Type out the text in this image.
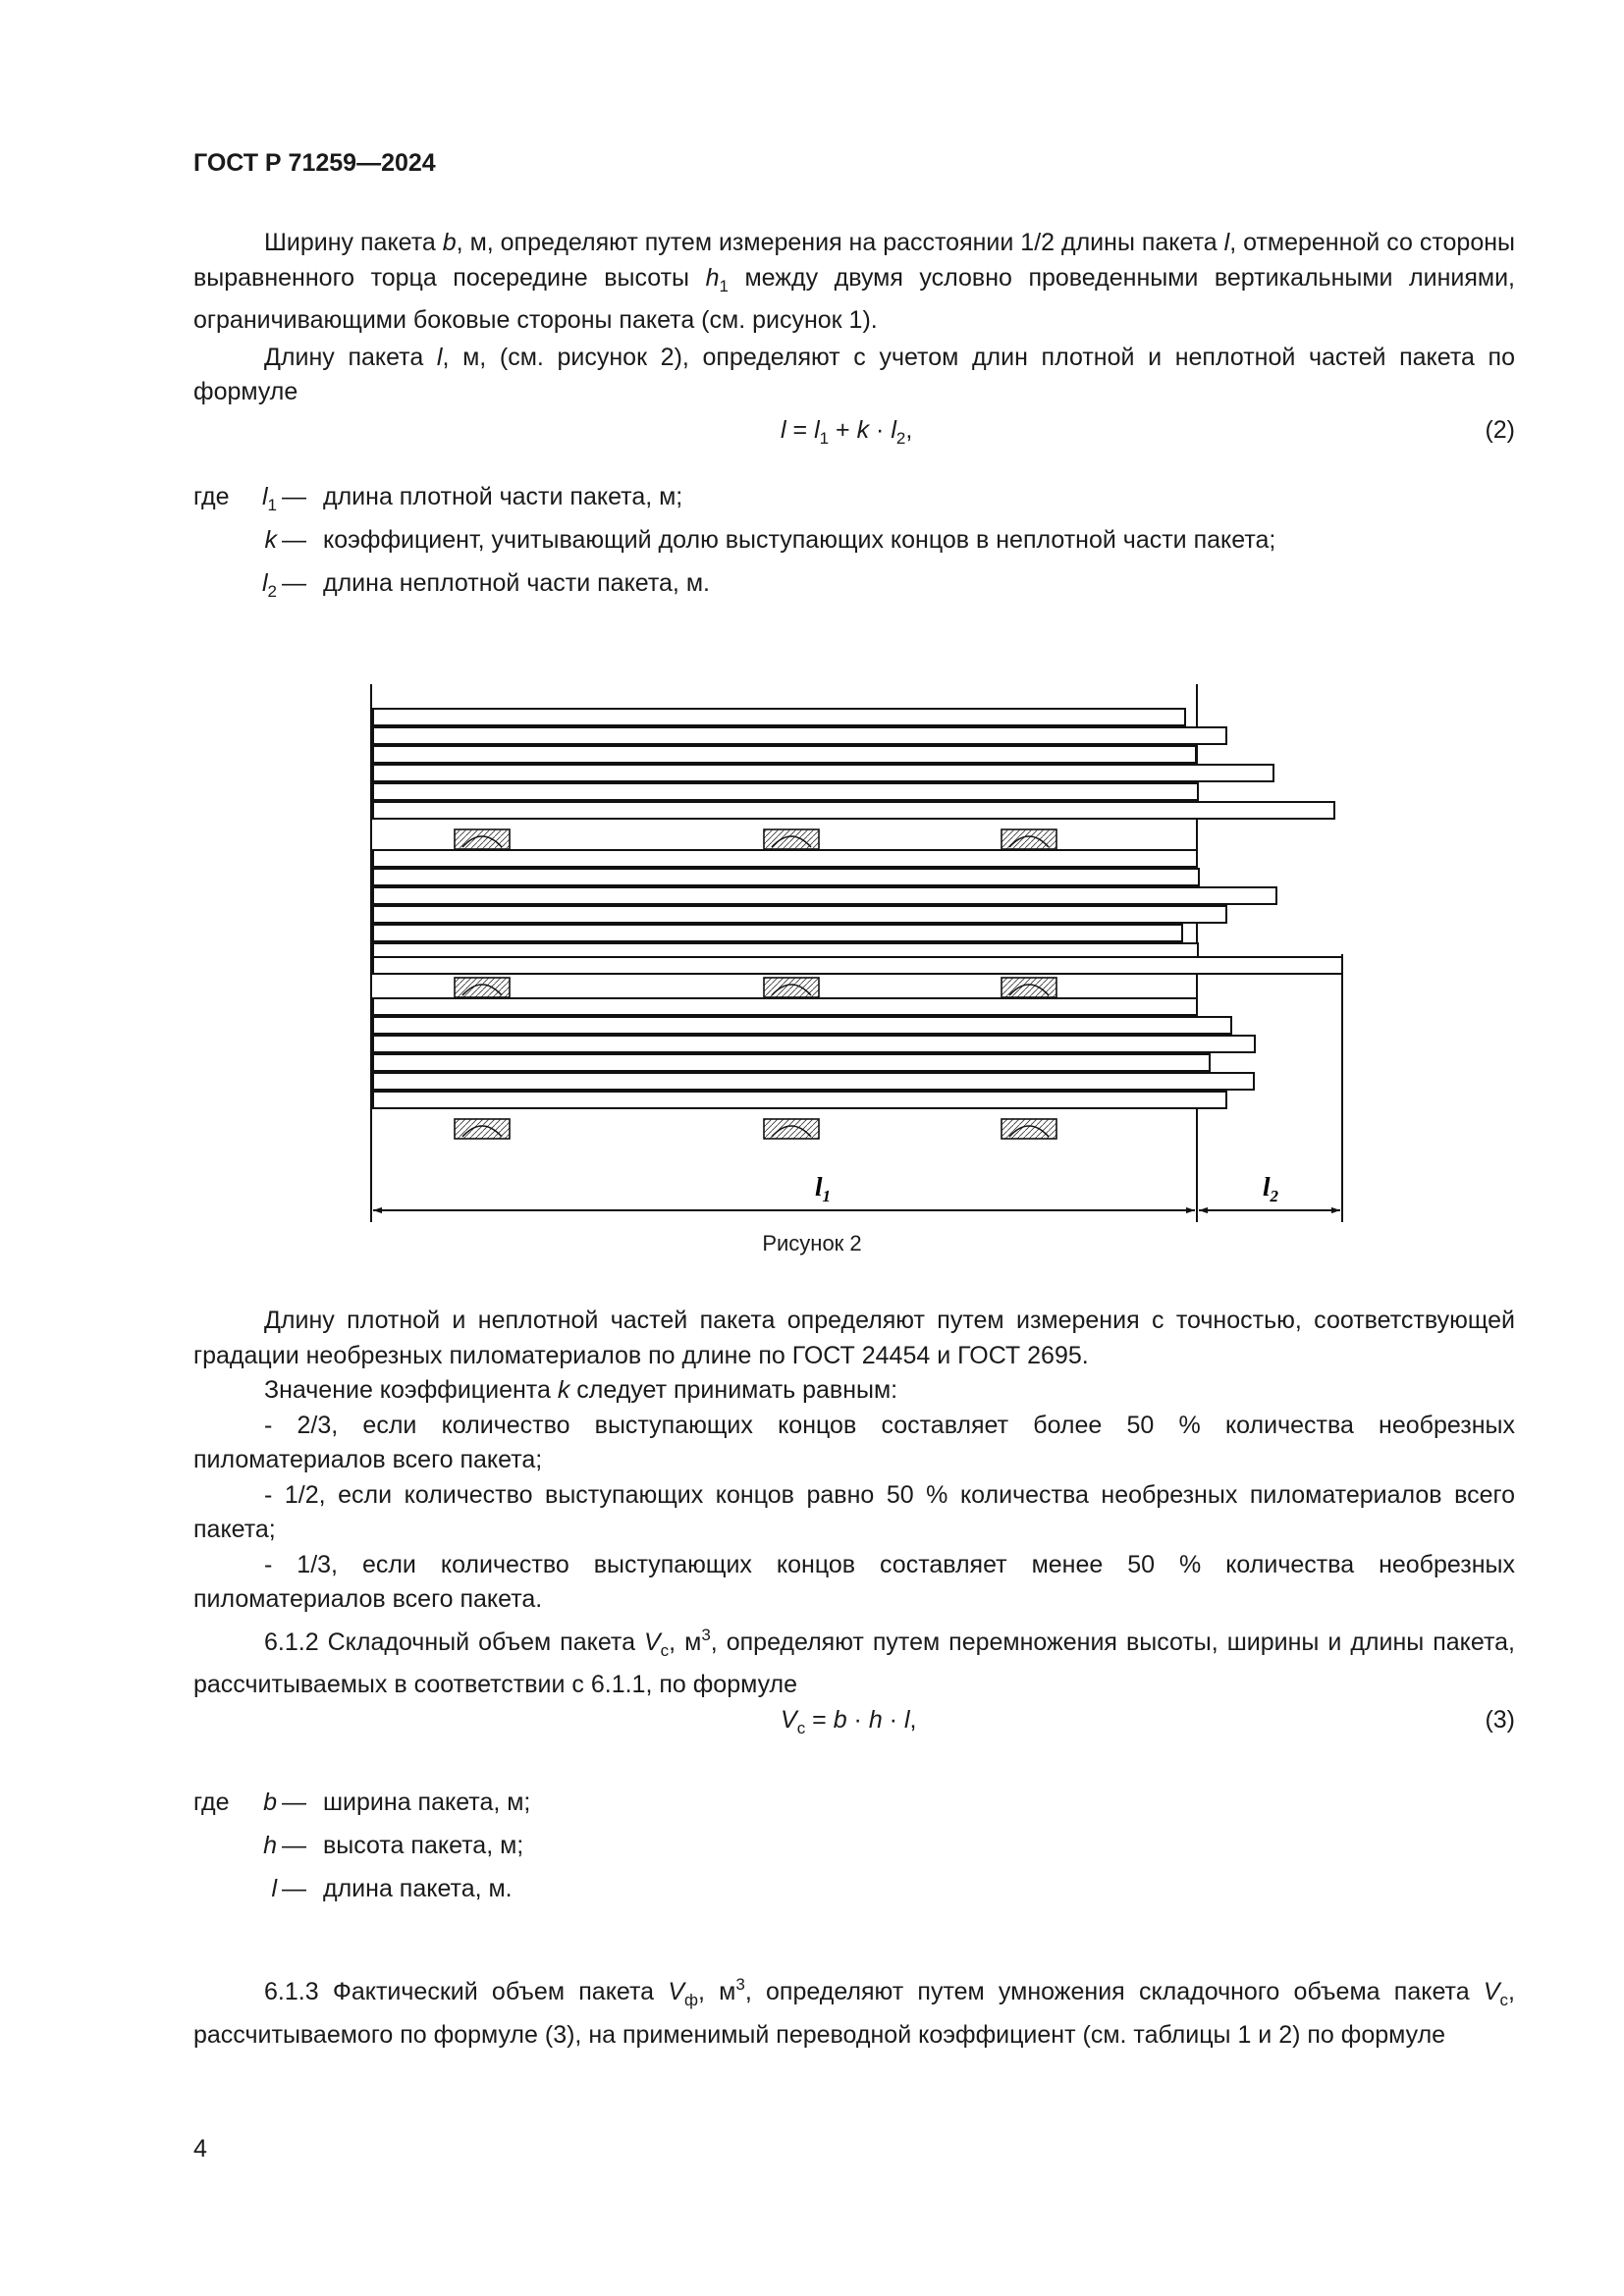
ГОСТ Р 71259—2024

Ширину пакета b, м, определяют путем измерения на расстоянии 1/2 длины пакета l, отмеренной со стороны выравненного торца посередине высоты $h_1$ между двумя условно проведенными вертикальными линиями, ограничивающими боковые стороны пакета (см. рисунок 1).

Длину пакета l, м, (см. рисунок 2), определяют с учетом длин плотной и неплотной частей пакета по формуле

$l = l_1 + k \cdot l_2$,	(2)
где	$l_1$ — длина плотной части пакета, м;
k — коэффициент, учитывающий долю выступающих концов в неплотной части пакета;
$l_2$ — длина неплотной части пакета, м.
$l_1$	$l_2$
Рисунок 2

Длину плотной и неплотной частей пакета определяют путем измерения с точностью, соответствующей градации необрезных пиломатериалов по длине по ГОСТ 24454 и ГОСТ 2695.

Значение коэффициента k следует принимать равным:

- 2/3, если количество выступающих концов составляет более 50 % количества необрезных пиломатериалов всего пакета;

- 1/2, если количество выступающих концов равно 50 % количества необрезных пиломатериалов всего пакета;

- 1/3, если количество выступающих концов составляет менее 50 % количества необрезных пиломатериалов всего пакета.

6.1.2 Складочный объем пакета $V_с$, $м^3$, определяют путем перемножения высоты, ширины и длины пакета, рассчитываемых в соответствии с 6.1.1, по формуле

$V_с = b \cdot h \cdot l$,	(3)
где	b — ширина пакета, м;
h — высота пакета, м;
l — длина пакета, м.

6.1.3 Фактический объем пакета $V_ф$, $м^3$, определяют путем умножения складочного объема пакета $V_с$, рассчитываемого по формуле (3), на применимый переводной коэффициент (см. таблицы 1 и 2) по формуле

4
